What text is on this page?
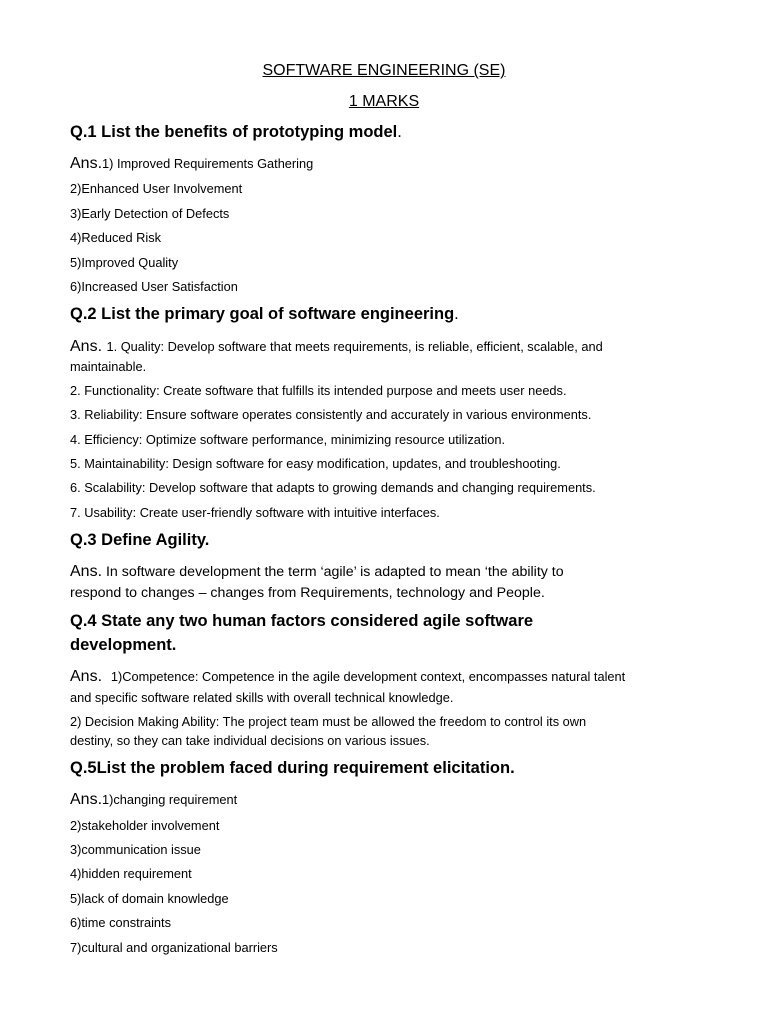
SOFTWARE ENGINEERING (SE)
1 MARKS
Q.1 List the benefits of prototyping model.
Ans.1) Improved Requirements Gathering
2)Enhanced User Involvement
3)Early Detection of Defects
4)Reduced Risk
5)Improved Quality
6)Increased User Satisfaction
Q.2 List the primary goal of software engineering.
Ans. 1. Quality: Develop software that meets requirements, is reliable, efficient, scalable, and
maintainable.
2. Functionality: Create software that fulfills its intended purpose and meets user needs.
3. Reliability: Ensure software operates consistently and accurately in various environments.
4. Efficiency: Optimize software performance, minimizing resource utilization.
5. Maintainability: Design software for easy modification, updates, and troubleshooting.
6. Scalability: Develop software that adapts to growing demands and changing requirements.
7. Usability: Create user-friendly software with intuitive interfaces.
Q.3 Define Agility.
Ans. In software development the term ‘agile’ is adapted to mean ‘the ability to
respond to changes – changes from Requirements, technology and People.
Q.4 State any two human factors considered agile software
development.
Ans. 1)Competence: Competence in the agile development context, encompasses natural talent
and specific software related skills with overall technical knowledge.
2) Decision Making Ability: The project team must be allowed the freedom to control its own
destiny, so they can take individual decisions on various issues.
Q.5List the problem faced during requirement elicitation.
Ans.1)changing requirement
2)stakeholder involvement
3)communication issue
4)hidden requirement
5)lack of domain knowledge
6)time constraints
7)cultural and organizational barriers
